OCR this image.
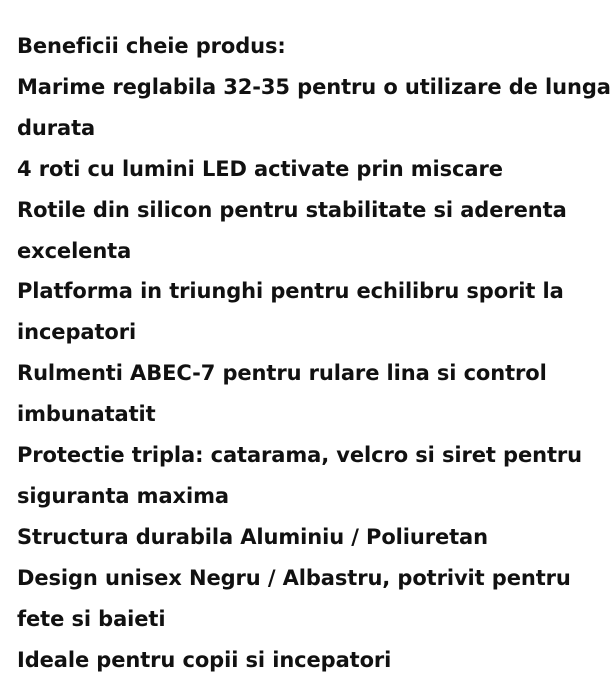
Beneficii cheie produs:
Marime reglabila 32-35 pentru o utilizare de lunga
durata
4 roti cu lumini LED activate prin miscare
Rotile din silicon pentru stabilitate si aderenta
excelenta
Platforma in triunghi pentru echilibru sporit la
incepatori
Rulmenti ABEC-7 pentru rulare lina si control
imbunatatit
Protectie tripla: catarama, velcro si siret pentru
siguranta maxima
Structura durabila Aluminiu / Poliuretan
Design unisex Negru / Albastru, potrivit pentru
fete si baieti
Ideale pentru copii si incepatori
